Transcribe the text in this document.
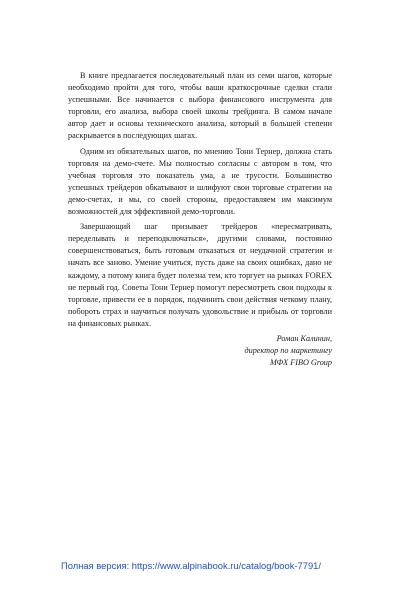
В книге предлагается последовательный план из семи шагов, которые необходимо пройти для того, чтобы ваши краткосрочные сделки стали успешными. Все начинается с выбора финансового инструмента для торговли, его анализа, выбора своей школы трейдинга. В самом начале автор дает и основы технического анализа, который в большей степени раскрывается в последующих шагах.

Одним из обязательных шагов, по мнению Тони Тернер, должна стать торговля на демо-счете. Мы полностью согласны с автором в том, что учебная торговля это показатель ума, а не трусости. Большинство успешных трейдеров обкатывают и шлифуют свои торговые стратегии на демо-счетах, и мы, со своей стороны, предоставляем им максимум возможностей для эффективной демо-торговли.

Завершающий шаг призывает трейдеров «пересматривать, переделывать и переподключаться», другими словами, постоянно совершенствоваться, быть готовым отказаться от неудачной стратегии и начать все заново. Умение учиться, пусть даже на своих ошибках, дано не каждому, а потому книга будет полезна тем, кто торгует на рынках FOREX не первый год. Советы Тони Тернер помогут пересмотреть свои подходы к торговле, привести ее в порядок, подчинить свои действия четкому плану, побороть страх и научиться получать удовольствие и прибыль от торговли на финансовых рынках.

Роман Калинин,
директор по маркетингу
МФХ FIBO Group
Полная версия: https://www.alpinabook.ru/catalog/book-7791/
